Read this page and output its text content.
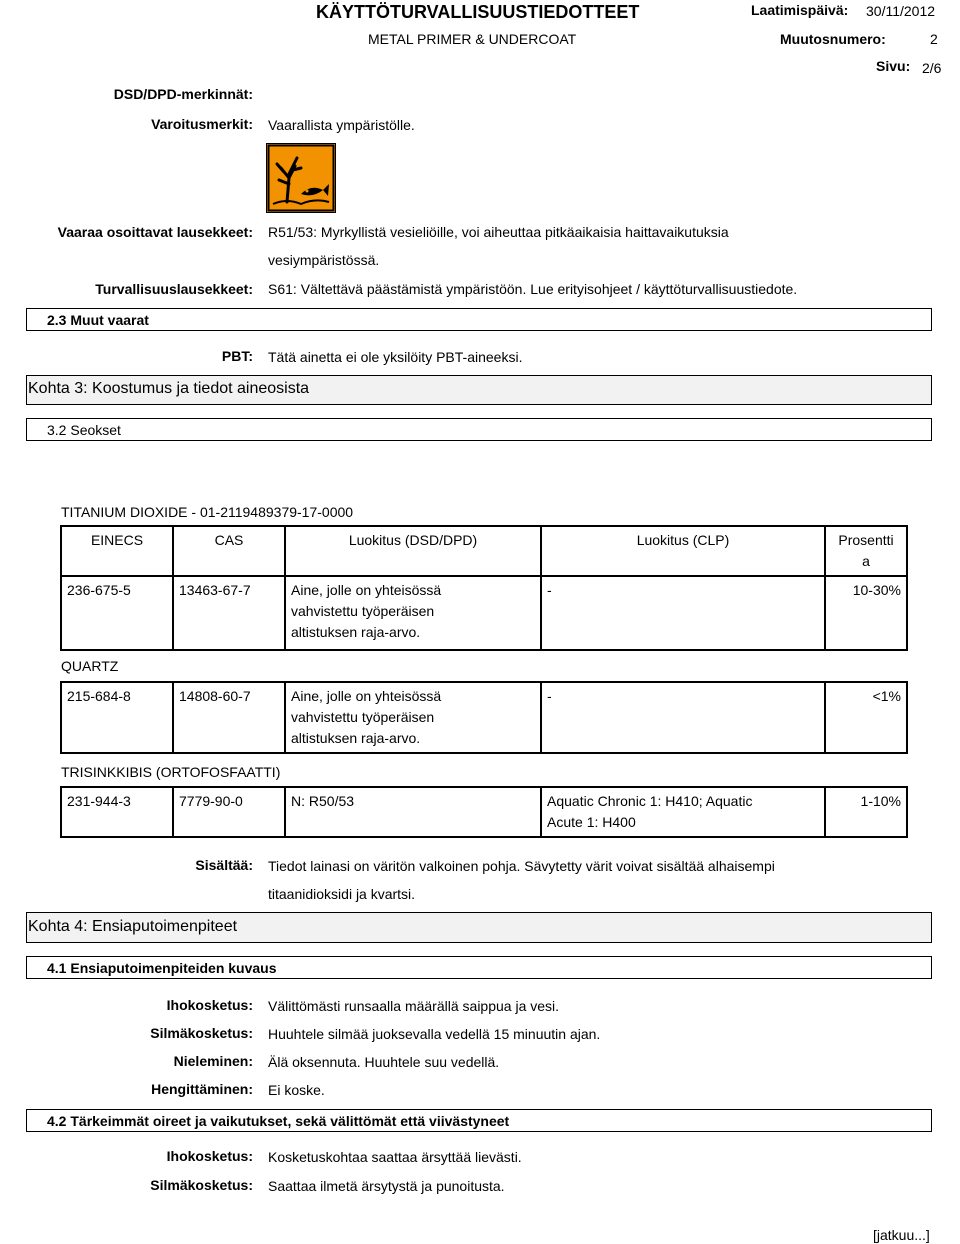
KÄYTTÖTURVALLISUUSTIEDOTTEET
METAL PRIMER & UNDERCOAT
Laatimispäivä: 30/11/2012
Muutosnumero:	2
Sivu: 2/6
DSD/DPD-merkinnät:
Varoitusmerkit: Vaarallista ympäristölle.
Vaaraa osoittavat lausekkeet: R51/53: Myrkyllistä vesieliöille, voi aiheuttaa pitkäaikaisia haittavaikutuksia
vesiympäristössä.
Turvallisuuslausekkeet: S61: Vältettävä päästämistä ympäristöön. Lue erityisohjeet / käyttöturvallisuustiedote.
2.3 Muut vaarat
PBT: Tätä ainetta ei ole yksilöity PBT-aineeksi.
Kohta 3: Koostumus ja tiedot aineosista
3.2 Seokset
TITANIUM DIOXIDE - 01-2119489379-17-0000
EINECS	CAS	Luokitus (DSD/DPD)	Luokitus (CLP)	Prosentti
a
236-675-5	13463-67-7	Aine, jolle on yhteisössä
vahvistettu työperäisen
altistuksen raja-arvo.	-	10-30%
QUARTZ
215-684-8	14808-60-7	Aine, jolle on yhteisössä
vahvistettu työperäisen
altistuksen raja-arvo.	-	<1%
TRISINKKIBIS (ORTOFOSFAATTI)
231-944-3	7779-90-0	N: R50/53	Aquatic Chronic 1: H410; Aquatic
Acute 1: H400	1-10%
Sisältää: Tiedot lainasi on väritön valkoinen pohja. Sävytetty värit voivat sisältää alhaisempi
titaanidioksidi ja kvartsi.
Kohta 4: Ensiaputoimenpiteet
4.1 Ensiaputoimenpiteiden kuvaus
Ihokosketus: Välittömästi runsaalla määrällä saippua ja vesi.
Silmäkosketus: Huuhtele silmää juoksevalla vedellä 15 minuutin ajan.
Nieleminen: Älä oksennuta. Huuhtele suu vedellä.
Hengittäminen: Ei koske.
4.2 Tärkeimmät oireet ja vaikutukset, sekä välittömät että viivästyneet
Ihokosketus: Kosketuskohtaa saattaa ärsyttää lievästi.
Silmäkosketus: Saattaa ilmetä ärsytystä ja punoitusta.
[jatkuu...]
